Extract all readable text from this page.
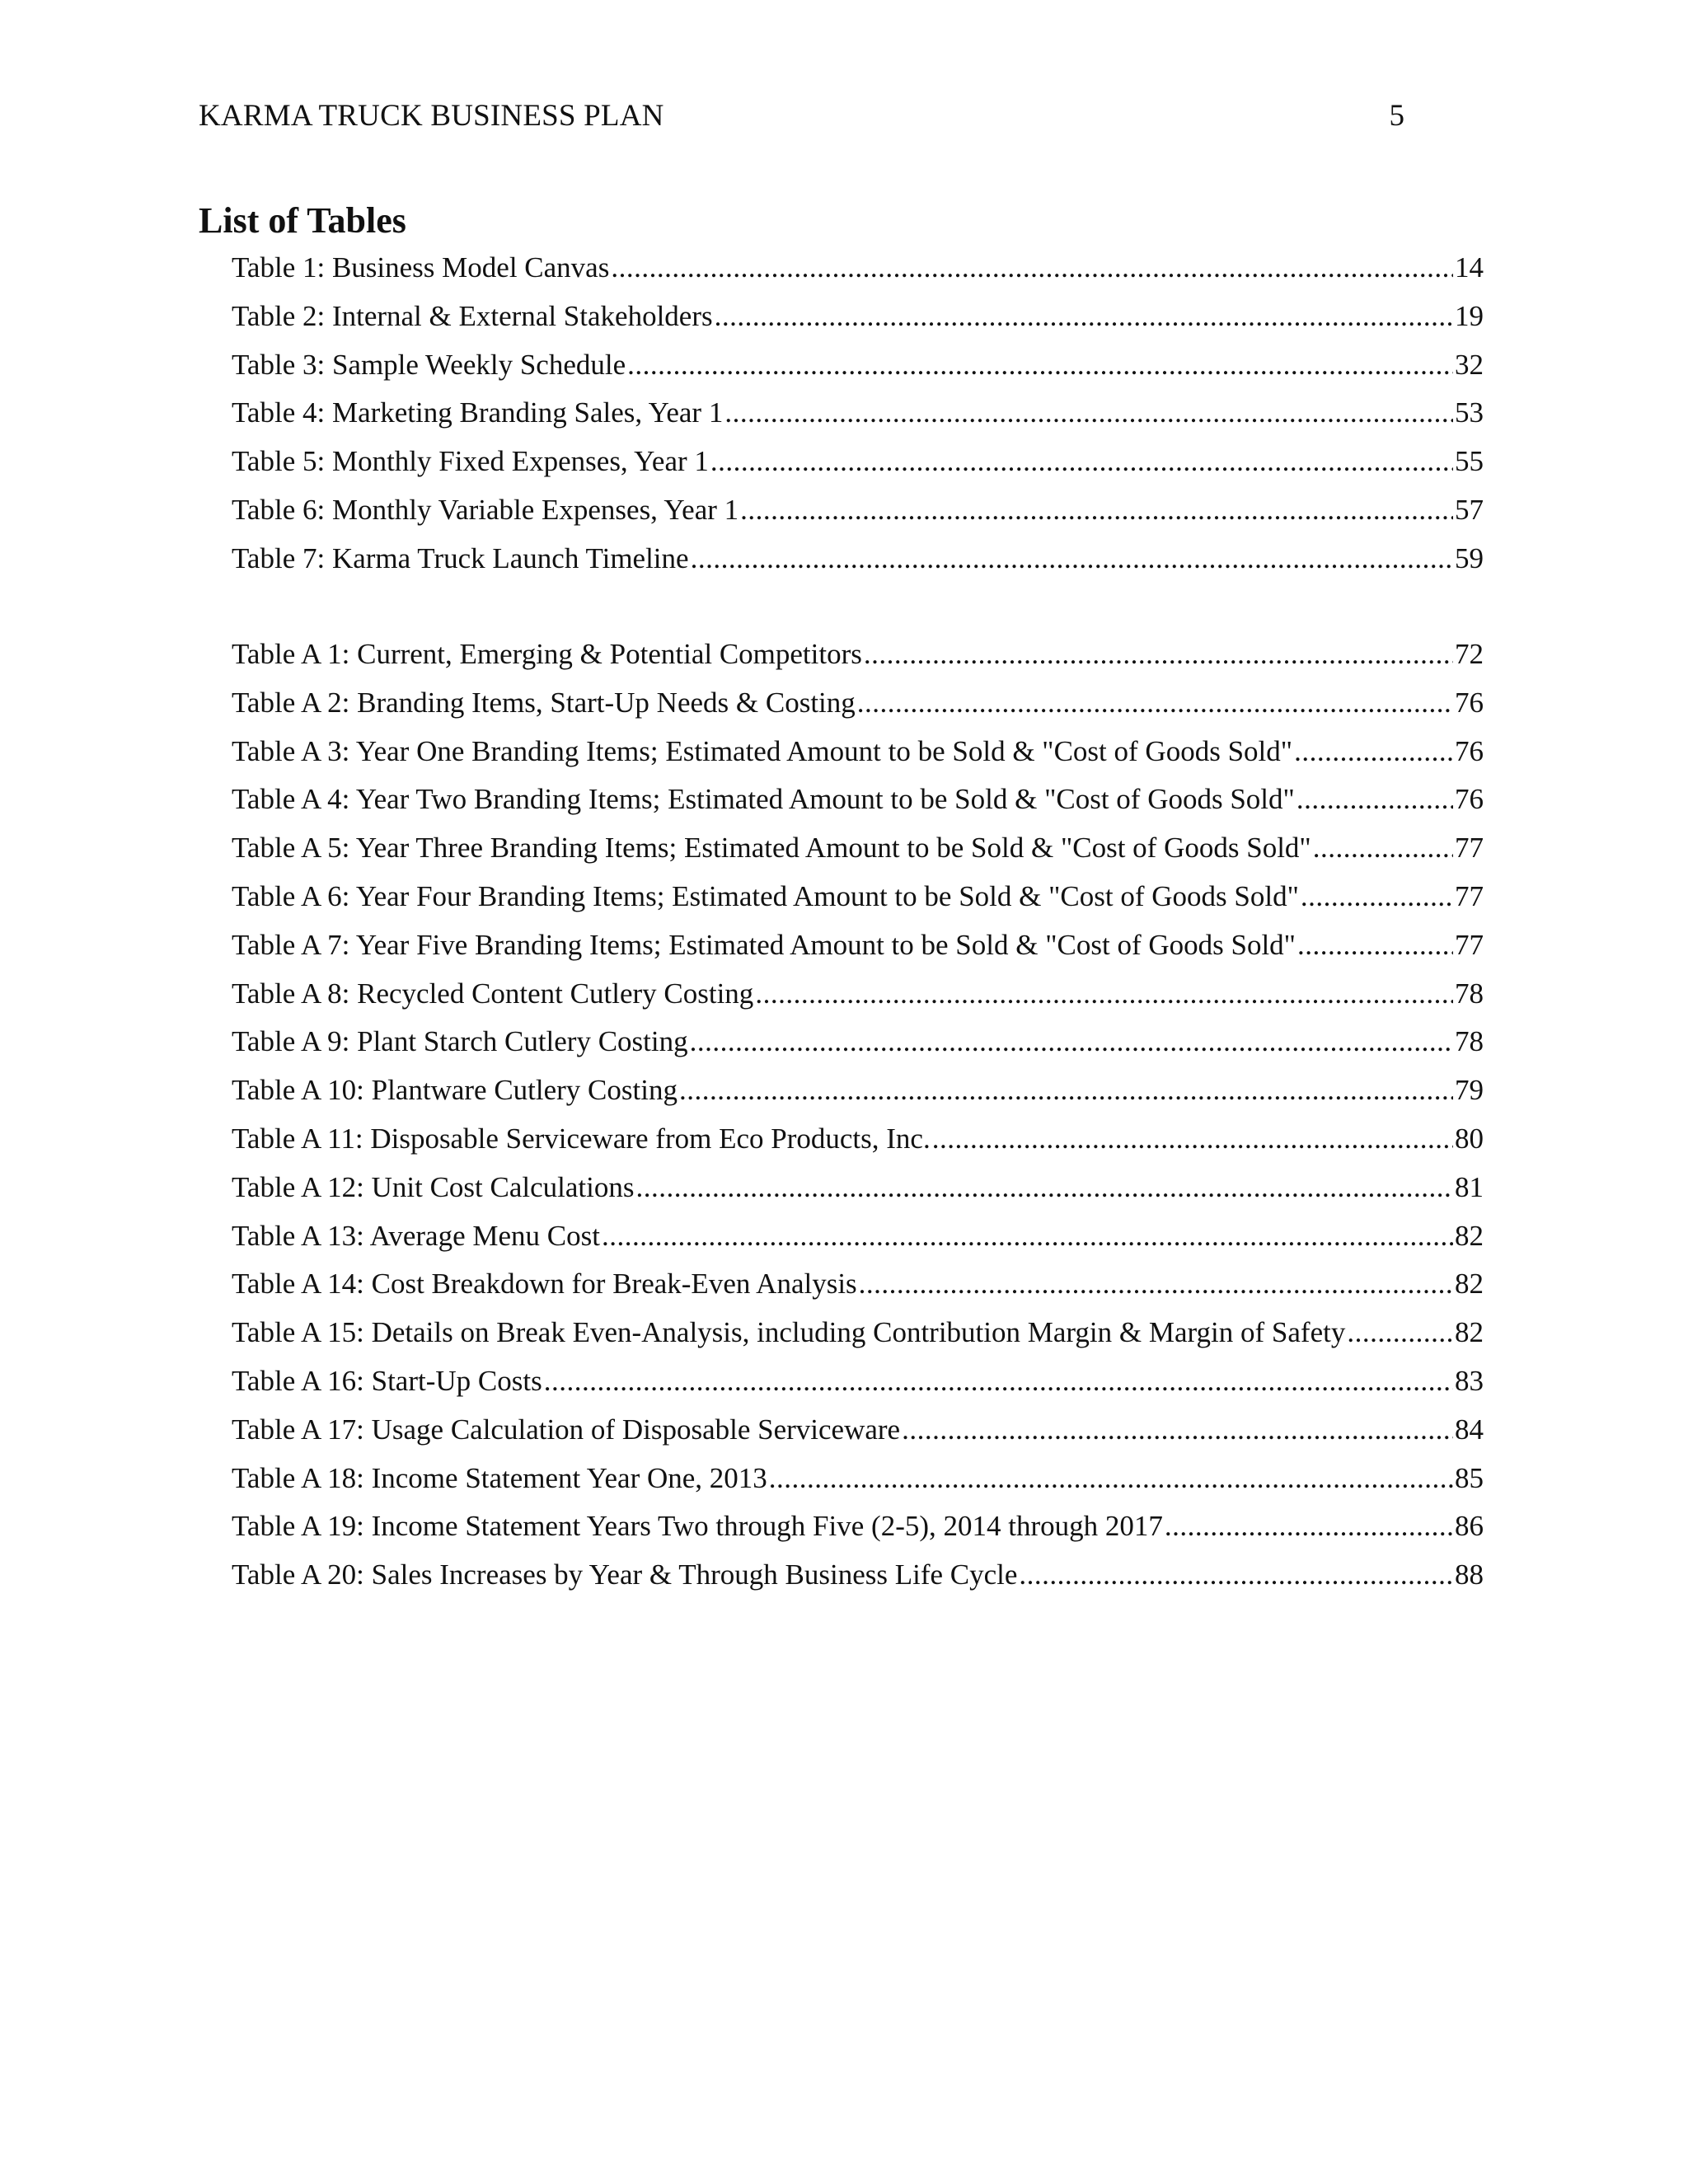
KARMA TRUCK BUSINESS PLAN	5
List of Tables
Table 1: Business Model Canvas .....	14
Table 2: Internal & External Stakeholders .....	19
Table 3: Sample Weekly Schedule .....	32
Table 4: Marketing Branding Sales, Year 1 .....	53
Table 5: Monthly Fixed Expenses, Year 1 .....	55
Table 6: Monthly Variable Expenses, Year 1 .....	57
Table 7: Karma Truck Launch Timeline .....	59
Table A 1: Current, Emerging & Potential Competitors .....	72
Table A 2: Branding Items, Start-Up Needs & Costing .....	76
Table A 3: Year One Branding Items; Estimated Amount to be Sold & "Cost of Goods Sold" .....	76
Table A 4: Year Two Branding Items; Estimated Amount to be Sold & "Cost of Goods Sold" .....	76
Table A 5: Year Three Branding Items; Estimated Amount to be Sold & "Cost of Goods Sold" .....	77
Table A 6: Year Four Branding Items; Estimated Amount to be Sold & "Cost of Goods Sold" .....	77
Table A 7: Year Five Branding Items; Estimated Amount to be Sold & "Cost of Goods Sold" .....	77
Table A 8: Recycled Content Cutlery Costing .....	78
Table A 9: Plant Starch Cutlery Costing .....	78
Table A 10: Plantware Cutlery Costing .....	79
Table A 11: Disposable Serviceware from Eco Products, Inc. .....	80
Table A 12: Unit Cost Calculations .....	81
Table A 13: Average Menu Cost .....	82
Table A 14: Cost Breakdown for Break-Even Analysis .....	82
Table A 15: Details on Break Even-Analysis, including Contribution Margin & Margin of Safety .....	82
Table A 16: Start-Up Costs .....	83
Table A 17: Usage Calculation of Disposable Serviceware .....	84
Table A 18: Income Statement Year One, 2013 .....	85
Table A 19: Income Statement Years Two through Five (2-5), 2014 through 2017 .....	86
Table A 20: Sales Increases by Year & Through Business Life Cycle .....	88
